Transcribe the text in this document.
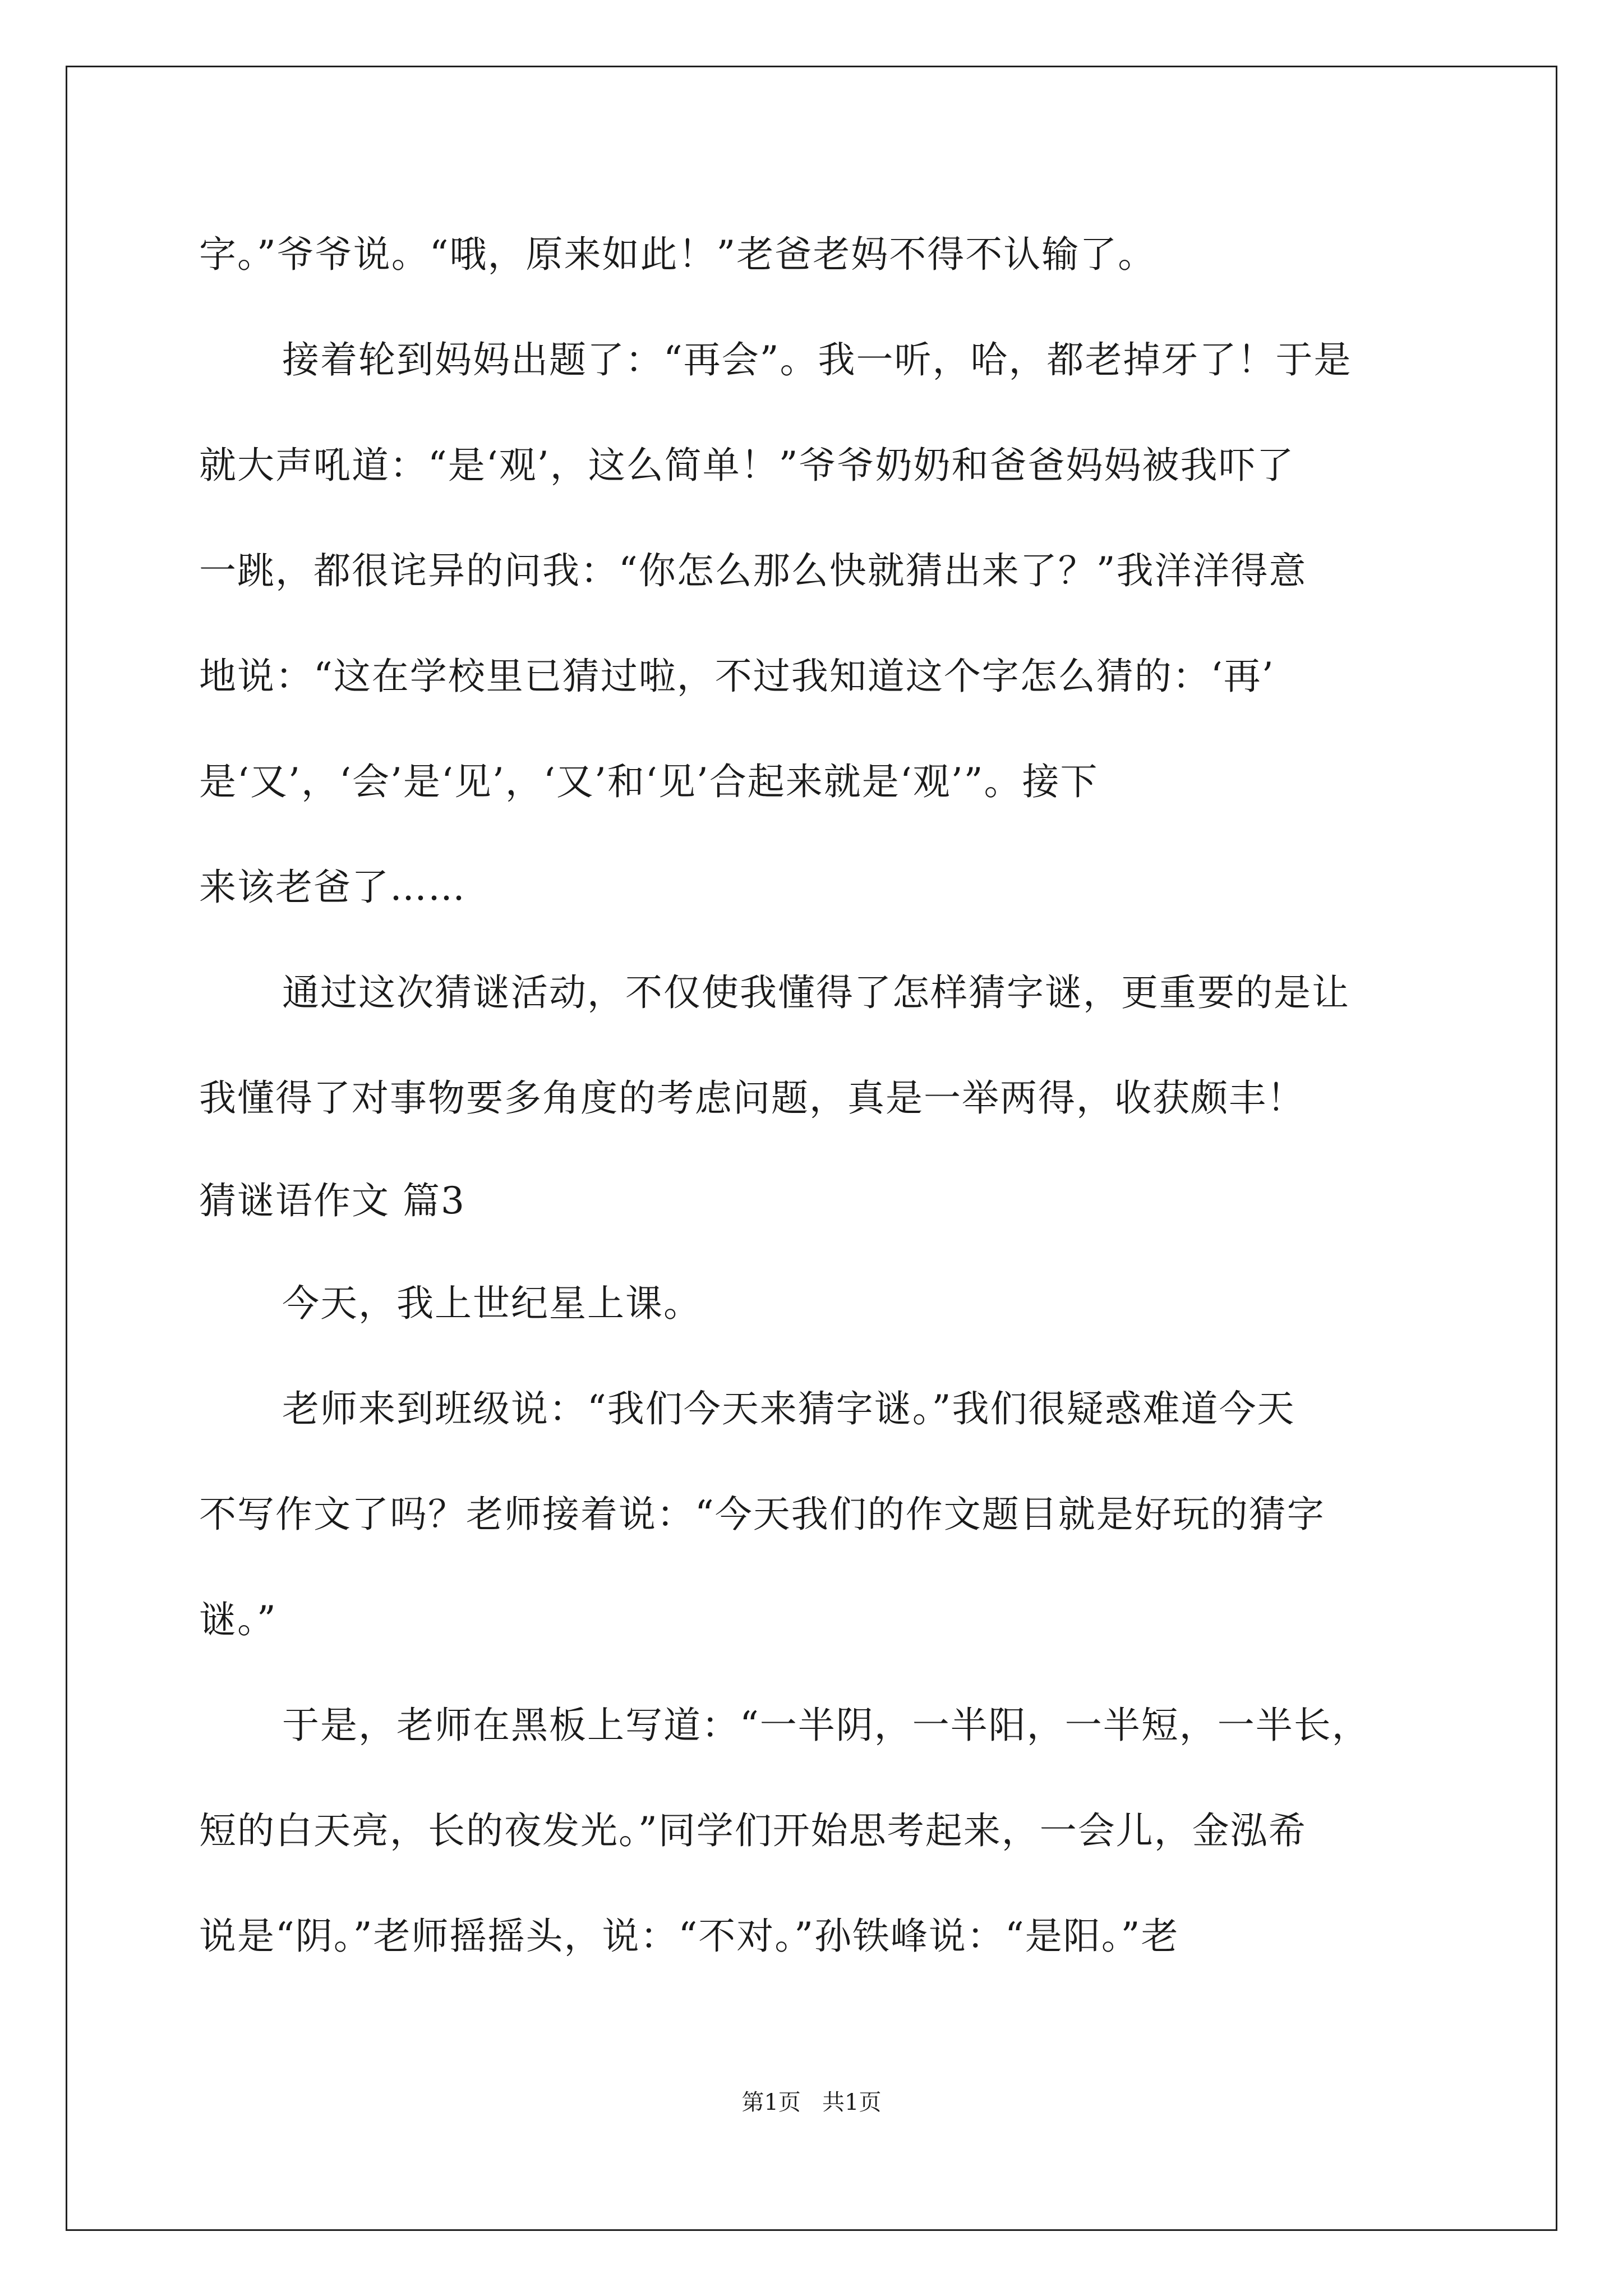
字。”爷爷说。“哦，原来如此！”老爸老妈不得不认输了。
接着轮到妈妈出题了：“再会”。我一听，哈，都老掉牙了！于是
就大声吼道：“是‘观’，这么简单！”爷爷奶奶和爸爸妈妈被我吓了
一跳，都很诧异的问我：“你怎么那么快就猜出来了？”我洋洋得意
地说：“这在学校里已猜过啦，不过我知道这个字怎么猜的：‘再’
是‘又’，‘会’是‘见’，‘又’和‘见’合起来就是‘观’”。接下
来该老爸了……
通过这次猜谜活动，不仅使我懂得了怎样猜字谜，更重要的是让
我懂得了对事物要多角度的考虑问题，真是一举两得，收获颇丰！
猜谜语作文 篇3
今天，我上世纪星上课。
老师来到班级说：“我们今天来猜字谜。”我们很疑惑难道今天
不写作文了吗？老师接着说：“今天我们的作文题目就是好玩的猜字
谜。”
于是，老师在黑板上写道：“一半阴，一半阳，一半短，一半长，
短的白天亮，长的夜发光。”同学们开始思考起来，一会儿，金泓希
说是“阴。”老师摇摇头，说：“不对。”孙铁峰说：“是阳。”老
第1页   共1页
